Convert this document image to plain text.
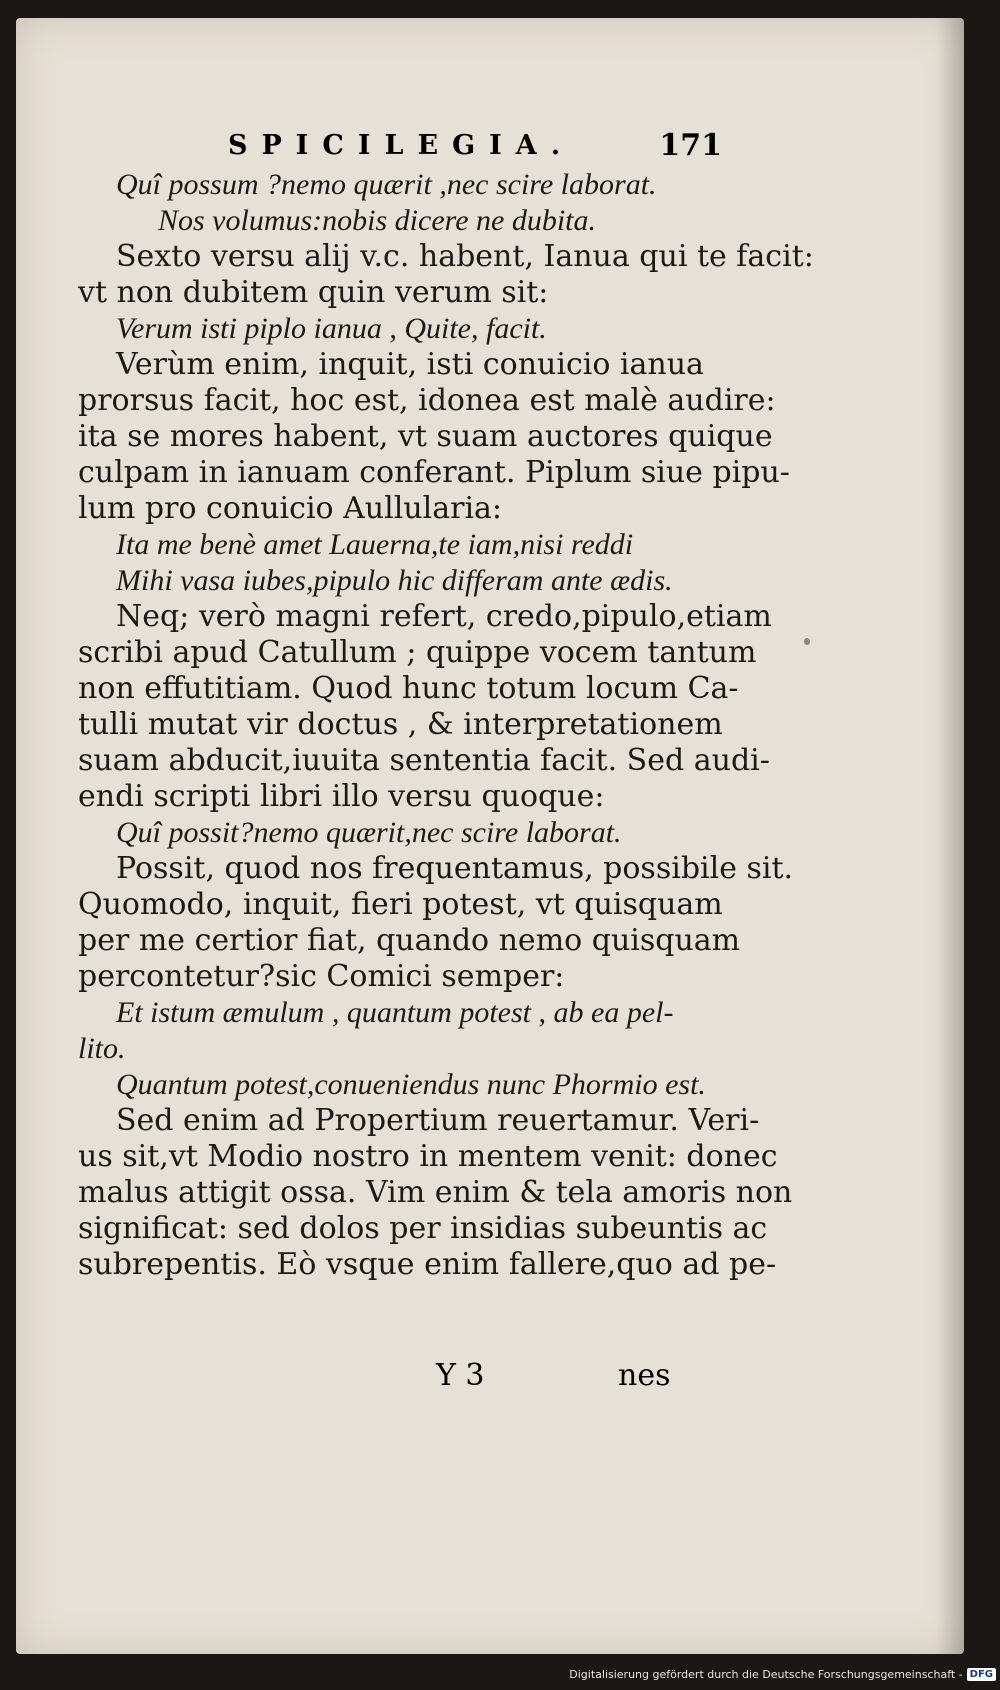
SPICILEGIA.	171
Quî possum ?nemo quærit ,nec scire laborat.
Nos volumus:nobis dicere ne dubita.
Sexto versu alij v.c. habent, Ianua qui te facit:
vt non dubitem quin verum sit:
Verum isti piplo ianua , Quite, facit.
Verùm enim, inquit, isti conuicio ianua
prorsus facit, hoc est, idonea est malè audire:
ita se mores habent, vt suam auctores quique
culpam in ianuam conferant. Piplum siue pipu-
lum pro conuicio Aullularia:
Ita me benè amet Lauerna,te iam,nisi reddi
Mihi vasa iubes,pipulo hic differam ante ædis.
Neq; verò magni refert, credo,pipulo,etiam
scribi apud Catullum ; quippe vocem tantum
non effutitiam. Quod hunc totum locum Ca-
tulli mutat vir doctus , & interpretationem
suam abducit,iuuita sententia facit. Sed audi-
endi scripti libri illo versu quoque:
Quî possit?nemo quærit,nec scire laborat.
Possit, quod nos frequentamus, possibile sit.
Quomodo, inquit, fieri potest, vt quisquam
per me certior fiat, quando nemo quisquam
percontetur?sic Comici semper:
Et istum æmulum , quantum potest , ab ea pel-
lito.
Quantum potest,conueniendus nunc Phormio est.
Sed enim ad Propertium reuertamur. Veri-
us sit,vt Modio nostro in mentem venit: donec
malus attigit ossa. Vim enim & tela amoris non
significat: sed dolos per insidias subeuntis ac
subrepentis. Eò vsque enim fallere,quo ad pe-
Y 3	nes
Digitalisierung gefördert durch die Deutsche Forschungsgemeinschaft - DFG
